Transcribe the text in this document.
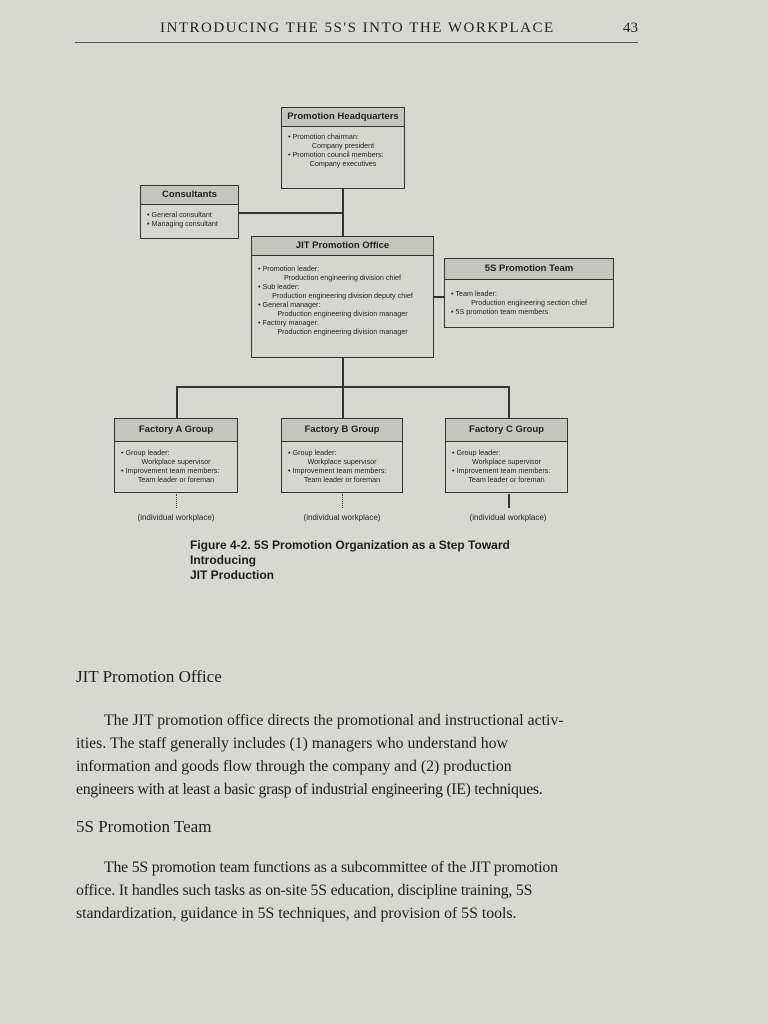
INTRODUCING THE 5S'S INTO THE WORKPLACE	43
Promotion Headquarters
• Promotion chairman:
Company president
• Promotion council members:
Company executives
Consultants
• General consultant
• Managing consultant
JIT Promotion Office
• Promotion leader:
Production engineering division chief
• Sub leader:
Production engineering division deputy chief
• General manager:
Production engineering division manager
• Factory manager:
Production engineering division manager
5S Promotion Team
• Team leader:
Production engineering section chief
• 5S promotion team members
Factory A Group
• Group leader:
Workplace supervisor
• Improvement team members:
Team leader or foreman
(individual workplace)
Factory B Group
• Group leader:
Workplace supervisor
• Improvement team members:
Team leader or foreman
(individual workplace)
Factory C Group
• Group leader:
Workplace supervisor
• Improvement team members:
Team leader or foreman
(individual workplace)
Figure 4-2. 5S Promotion Organization as a Step Toward Introducing
JIT Production
JIT Promotion Office
The JIT promotion office directs the promotional and instructional activ-
ities. The staff generally includes (1) managers who understand how
information and goods flow through the company and (2) production
engineers with at least a basic grasp of industrial engineering (IE) techniques.
5S Promotion Team
The 5S promotion team functions as a subcommittee of the JIT promotion
office. It handles such tasks as on-site 5S education, discipline training, 5S
standardization, guidance in 5S techniques, and provision of 5S tools.
